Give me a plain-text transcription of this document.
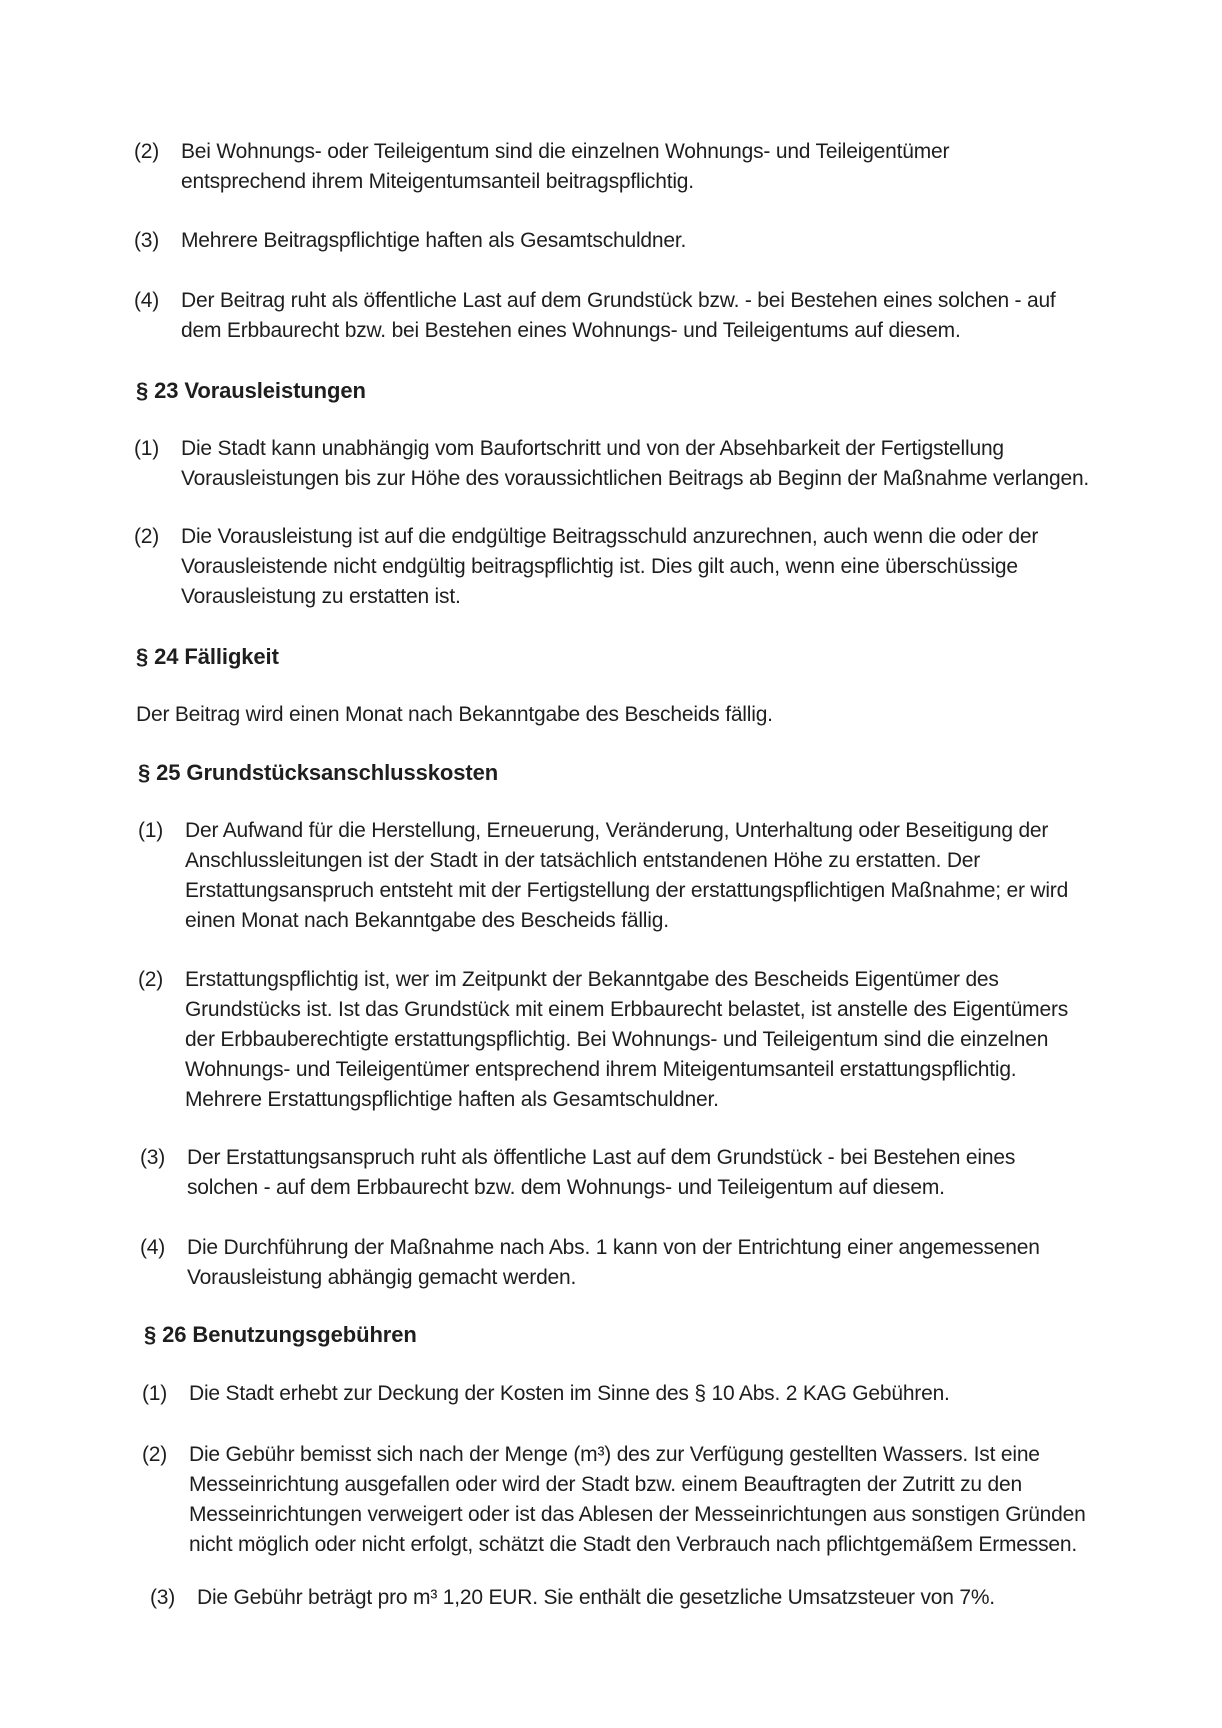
(2) Bei Wohnungs- oder Teileigentum sind die einzelnen Wohnungs- und Teileigentümer entsprechend ihrem Miteigentumsanteil beitragspflichtig.
(3) Mehrere Beitragspflichtige haften als Gesamtschuldner.
(4) Der Beitrag ruht als öffentliche Last auf dem Grundstück bzw. - bei Bestehen eines solchen - auf dem Erbbaurecht bzw. bei Bestehen eines Wohnungs- und Teileigentums auf diesem.
§ 23 Vorausleistungen
(1) Die Stadt kann unabhängig vom Baufortschritt und von der Absehbarkeit der Fertigstellung Vorausleistungen bis zur Höhe des voraussichtlichen Beitrags ab Beginn der Maßnahme verlangen.
(2) Die Vorausleistung ist auf die endgültige Beitragsschuld anzurechnen, auch wenn die oder der Vorausleistende nicht endgültig beitragspflichtig ist. Dies gilt auch, wenn eine überschüssige Vorausleistung zu erstatten ist.
§ 24 Fälligkeit
Der Beitrag wird einen Monat nach Bekanntgabe des Bescheids fällig.
§ 25 Grundstücksanschlusskosten
(1) Der Aufwand für die Herstellung, Erneuerung, Veränderung, Unterhaltung oder Beseitigung der Anschlussleitungen ist der Stadt in der tatsächlich entstandenen Höhe zu erstatten. Der Erstattungsanspruch entsteht mit der Fertigstellung der erstattungspflichtigen Maßnahme; er wird einen Monat nach Bekanntgabe des Bescheids fällig.
(2) Erstattungspflichtig ist, wer im Zeitpunkt der Bekanntgabe des Bescheids Eigentümer des Grundstücks ist. Ist das Grundstück mit einem Erbbaurecht belastet, ist anstelle des Eigentümers der Erbbauberechtigte erstattungspflichtig. Bei Wohnungs- und Teileigentum sind die einzelnen Wohnungs- und Teileigentümer entsprechend ihrem Miteigentumsanteil erstattungspflichtig. Mehrere Erstattungspflichtige haften als Gesamtschuldner.
(3) Der Erstattungsanspruch ruht als öffentliche Last auf dem Grundstück - bei Bestehen eines solchen - auf dem Erbbaurecht bzw. dem Wohnungs- und Teileigentum auf diesem.
(4) Die Durchführung der Maßnahme nach Abs. 1 kann von der Entrichtung einer angemessenen Vorausleistung abhängig gemacht werden.
§ 26 Benutzungsgebühren
(1) Die Stadt erhebt zur Deckung der Kosten im Sinne des § 10 Abs. 2 KAG Gebühren.
(2) Die Gebühr bemisst sich nach der Menge (m³) des zur Verfügung gestellten Wassers. Ist eine Messeinrichtung ausgefallen oder wird der Stadt bzw. einem Beauftragten der Zutritt zu den Messeinrichtungen verweigert oder ist das Ablesen der Messeinrichtungen aus sonstigen Gründen nicht möglich oder nicht erfolgt, schätzt die Stadt den Verbrauch nach pflichtgemäßem Ermessen.
(3) Die Gebühr beträgt pro m³ 1,20 EUR. Sie enthält die gesetzliche Umsatzsteuer von 7%.
